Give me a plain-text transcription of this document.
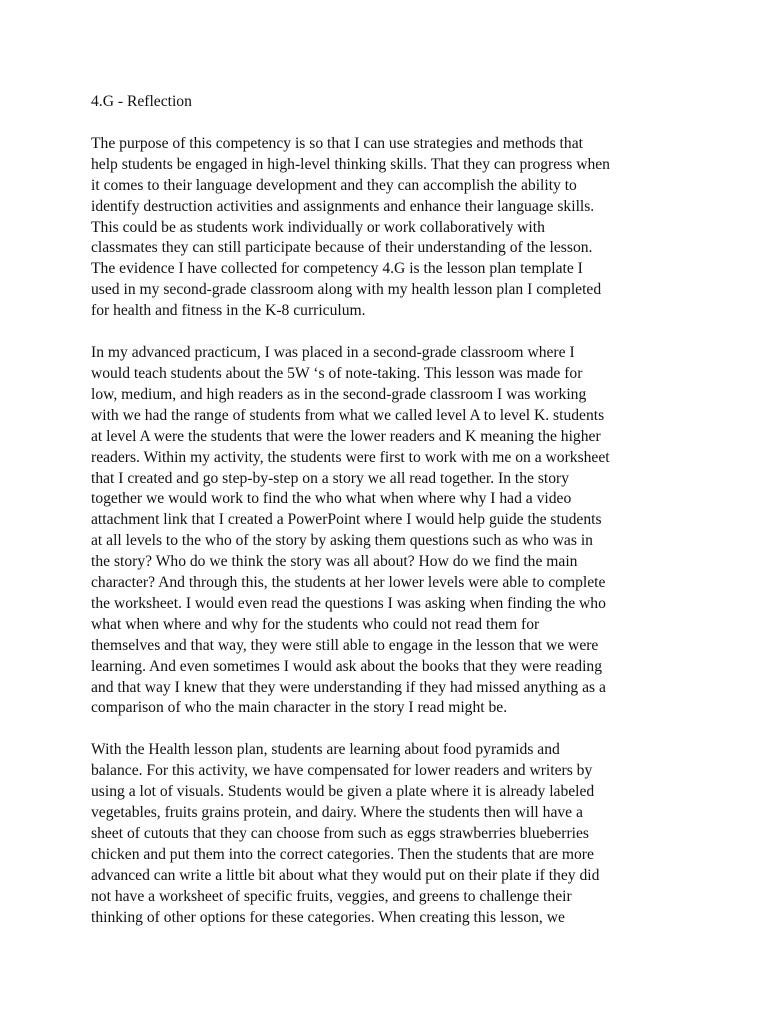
4.G - Reflection
The purpose of this competency is so that I can use strategies and methods that
help students be engaged in high-level thinking skills. That they can progress when
it comes to their language development and they can accomplish the ability to
identify destruction activities and assignments and enhance their language skills.
This could be as students work individually or work collaboratively with
classmates they can still participate because of their understanding of the lesson.
The evidence I have collected for competency 4.G is the lesson plan template I
used in my second-grade classroom along with my health lesson plan I completed
for health and fitness in the K-8 curriculum.
In my advanced practicum, I was placed in a second-grade classroom where I
would teach students about the 5W ‘s of note-taking. This lesson was made for
low, medium, and high readers as in the second-grade classroom I was working
with we had the range of students from what we called level A to level K. students
at level A were the students that were the lower readers and K meaning the higher
readers. Within my activity, the students were first to work with me on a worksheet
that I created and go step-by-step on a story we all read together. In the story
together we would work to find the who what when where why I had a video
attachment link that I created a PowerPoint where I would help guide the students
at all levels to the who of the story by asking them questions such as who was in
the story? Who do we think the story was all about? How do we find the main
character? And through this, the students at her lower levels were able to complete
the worksheet. I would even read the questions I was asking when finding the who
what when where and why for the students who could not read them for
themselves and that way, they were still able to engage in the lesson that we were
learning. And even sometimes I would ask about the books that they were reading
and that way I knew that they were understanding if they had missed anything as a
comparison of who the main character in the story I read might be.
With the Health lesson plan, students are learning about food pyramids and
balance. For this activity, we have compensated for lower readers and writers by
using a lot of visuals. Students would be given a plate where it is already labeled
vegetables, fruits grains protein, and dairy. Where the students then will have a
sheet of cutouts that they can choose from such as eggs strawberries blueberries
chicken and put them into the correct categories. Then the students that are more
advanced can write a little bit about what they would put on their plate if they did
not have a worksheet of specific fruits, veggies, and greens to challenge their
thinking of other options for these categories. When creating this lesson, we
